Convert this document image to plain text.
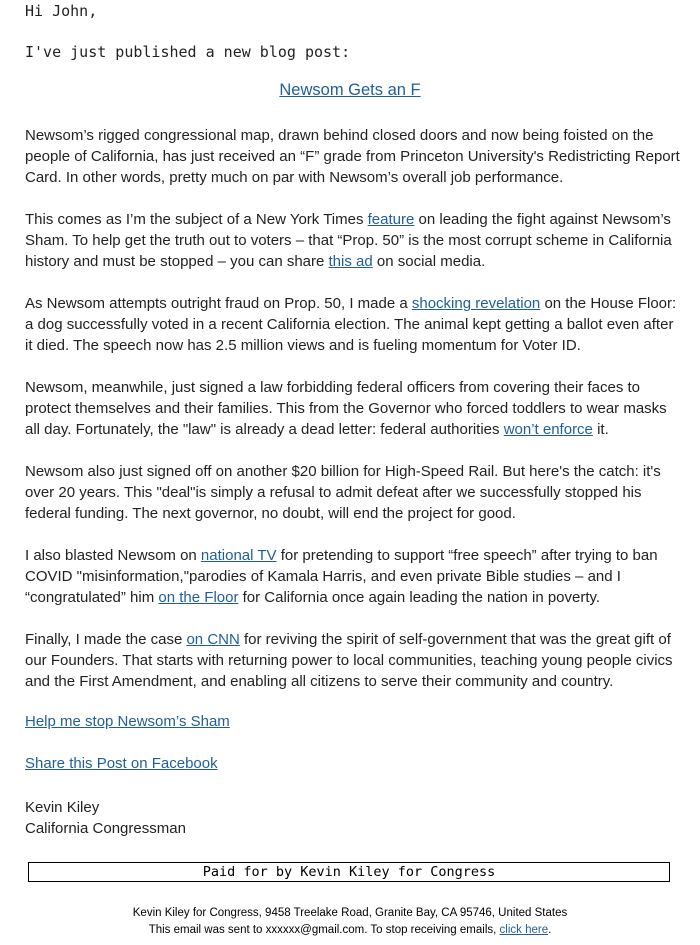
Hi John,
I've just published a new blog post:
Newsom Gets an F
Newsom’s rigged congressional map, drawn behind closed doors and now being foisted on the people of California, has just received an “F” grade from Princeton University's Redistricting Report Card. In other words, pretty much on par with Newsom’s overall job performance.
This comes as I’m the subject of a New York Times feature on leading the fight against Newsom’s Sham. To help get the truth out to voters – that “Prop. 50” is the most corrupt scheme in California history and must be stopped – you can share this ad on social media.
As Newsom attempts outright fraud on Prop. 50, I made a shocking revelation on the House Floor: a dog successfully voted in a recent California election. The animal kept getting a ballot even after it died. The speech now has 2.5 million views and is fueling momentum for Voter ID.
Newsom, meanwhile, just signed a law forbidding federal officers from covering their faces to protect themselves and their families. This from the Governor who forced toddlers to wear masks all day. Fortunately, the "law" is already a dead letter: federal authorities won’t enforce it.
Newsom also just signed off on another $20 billion for High-Speed Rail. But here's the catch: it's over 20 years. This "deal"is simply a refusal to admit defeat after we successfully stopped his federal funding. The next governor, no doubt, will end the project for good.
I also blasted Newsom on national TV for pretending to support “free speech” after trying to ban COVID "misinformation,"parodies of Kamala Harris, and even private Bible studies – and I “congratulated” him on the Floor for California once again leading the nation in poverty.
Finally, I made the case on CNN for reviving the spirit of self-government that was the great gift of our Founders. That starts with returning power to local communities, teaching young people civics and the First Amendment, and enabling all citizens to serve their community and country.
Help me stop Newsom’s Sham
Share this Post on Facebook
Kevin Kiley
California Congressman
Paid for by Kevin Kiley for Congress
Kevin Kiley for Congress, 9458 Treelake Road, Granite Bay, CA 95746, United States
This email was sent to xxxxxx@gmail.com. To stop receiving emails, click here.
